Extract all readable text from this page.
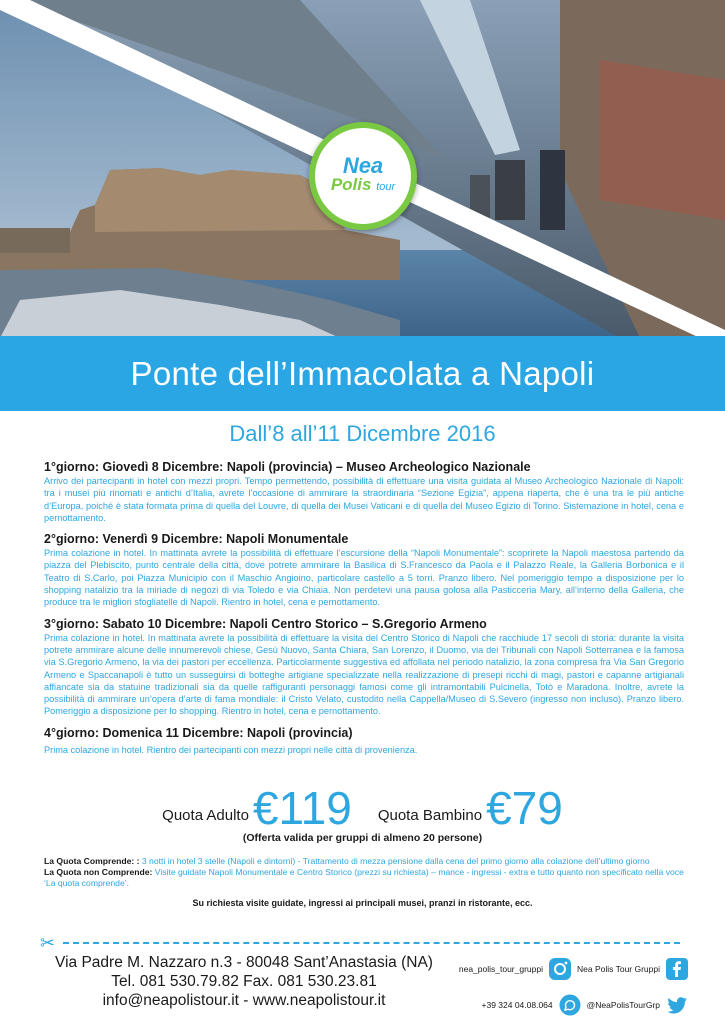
Nea
Polis tour
Ponte dell’Immacolata a Napoli
Dall’8 all’11 Dicembre 2016
1°giorno: Giovedì 8 Dicembre: Napoli (provincia) – Museo Archeologico Nazionale
Arrivo dei partecipanti in hotel con mezzi propri. Tempo permettendo, possibilità di effettuare una visita guidata al Museo Archeologico Nazionale di Napoli: tra i musei più rinomati e antichi d’Italia, avrete l’occasione di ammirare la straordinaria “Sezione Egizia”, appena riaperta, che è una tra le più antiche d’Europa, poiché è stata formata prima di quella del Louvre, di quella dei Musei Vaticani e di quella del Museo Egizio di Torino. Sistemazione in hotel, cena e pernottamento.
2°giorno: Venerdì 9 Dicembre: Napoli Monumentale
Prima colazione in hotel. In mattinata avrete la possibilità di effettuare l’escursione della “Napoli Monumentale”: scoprirete la Napoli maestosa partendo da piazza del Plebiscito, punto centrale della città, dove potrete ammirare la Basilica di S.Francesco da Paola e il Palazzo Reale, la Galleria Borbonica e il Teatro di S.Carlo, poi Piazza Municipio con il Maschio Angioino, particolare castello a 5 torri. Pranzo libero. Nel pomeriggio tempo a disposizione per lo shopping natalizio tra la miriade di negozi di via Toledo e via Chiaia. Non perdetevi una pausa golosa alla Pasticceria Mary, all’interno della Galleria, che produce tra le migliori sfogliatelle di Napoli. Rientro in hotel, cena e pernottamento.
3°giorno: Sabato 10 Dicembre: Napoli Centro Storico – S.Gregorio Armeno
Prima colazione in hotel. In mattinata avrete la possibilità di effettuare la visita del Centro Storico di Napoli che racchiude 17 secoli di storia: durante la visita potrete ammirare alcune delle innumerevoli chiese, Gesù Nuovo, Santa Chiara, San Lorenzo, il Duomo, via dei Tribunali con Napoli Sotterranea e la famosa via S.Gregorio Armeno, la via dei pastori per eccellenza. Particolarmente suggestiva ed affollata nel periodo natalizio, la zona compresa fra Via San Gregorio Armeno e Spaccanapoli è tutto un susseguirsi di botteghe artigiane specializzate nella realizzazione di presepi ricchi di magi, pastori e capanne artigianali affiancate sia da statuine tradizionali sia da quelle raffiguranti personaggi famosi come gli intramontabili Pulcinella, Totò e Maradona. Inoltre, avrete la possibilità di ammirare un’opera d’arte di fama mondiale: il Cristo Velato, custodito nella Cappella/Museo di S.Severo (ingresso non incluso). Pranzo libero. Pomeriggio a disposizione per lo shopping. Rientro in hotel, cena e pernottamento.
4°giorno: Domenica 11 Dicembre: Napoli (provincia)
Prima colazione in hotel. Rientro dei partecipanti con mezzi propri nelle città di provenienza.
Quota Adulto €119 Quota Bambino €79
(Offerta valida per gruppi di almeno 20 persone)
La Quota Comprende: : 3 notti in hotel 3 stelle (Napoli e dintorni) - Trattamento di mezza pensione dalla cena del primo giorno alla colazione dell’ultimo giorno
La Quota non Comprende: Visite guidate Napoli Monumentale e Centro Storico (prezzi su richiesta) – mance - ingressi - extra e tutto quanto non specificato nella voce ‘La quota comprende’.
Su richiesta visite guidate, ingressi ai principali musei, pranzi in ristorante, ecc.
✂
Via Padre M. Nazzaro n.3 - 80048 Sant’Anastasia (NA)
Tel. 081 530.79.82 Fax. 081 530.23.81
info@neapolistour.it - www.neapolistour.it
nea_polis_tour_gruppi	Nea Polis Tour Gruppi
+39 324 04.08.064	@NeaPolisTourGrp
